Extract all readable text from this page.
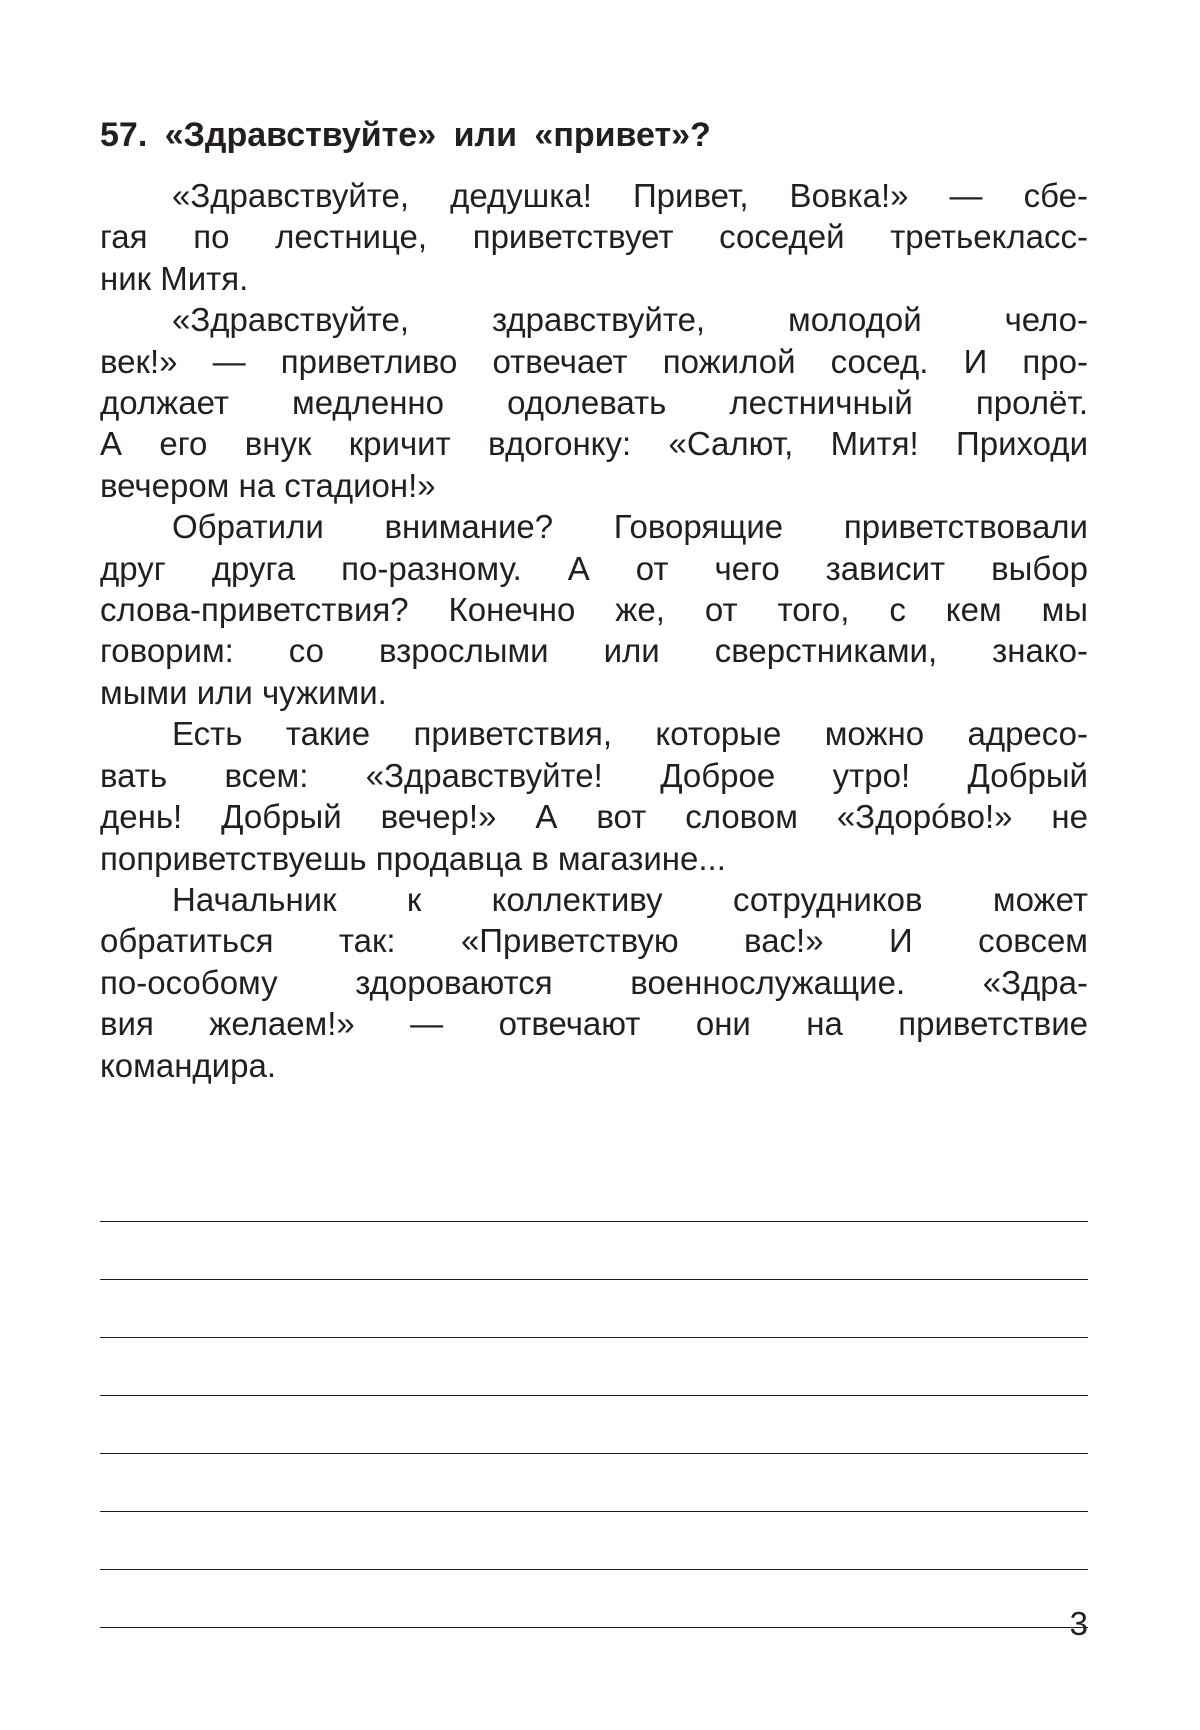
57. «Здравствуйте» или «привет»?

«Здравствуйте, дедушка! Привет, Вовка!» — сбе-
гая по лестнице, приветствует соседей третьекласс-
ник Митя.

«Здравствуйте, здравствуйте, молодой чело-
век!» — приветливо отвечает пожилой сосед. И про-
должает медленно одолевать лестничный пролёт.
А его внук кричит вдогонку: «Салют, Митя! Приходи
вечером на стадион!»

Обратили внимание? Говорящие приветствовали
друг друга по-разному. А от чего зависит выбор
слова-приветствия? Конечно же, от того, с кем мы
говорим: со взрослыми или сверстниками, знако-
мыми или чужими.

Есть такие приветствия, которые можно адресо-
вать всем: «Здравствуйте! Доброе утро! Добрый
день! Добрый вечер!» А вот словом «Здорóво!» не
поприветствуешь продавца в магазине...

Начальник к коллективу сотрудников может
обратиться так: «Приветствую вас!» И совсем
по-особому здороваются военнослужащие. «Здра-
вия желаем!» — отвечают они на приветствие
командира.

3
